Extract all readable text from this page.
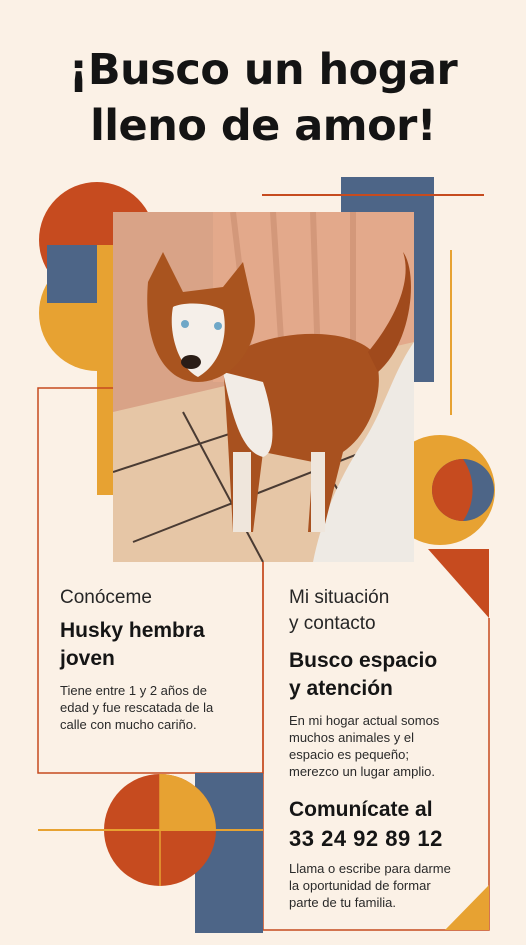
¡Busco un hogar
lleno de amor!
Conóceme
Husky hembra
joven
Tiene entre 1 y 2 años de
edad y fue rescatada de la
calle con mucho cariño.
Mi situación
y contacto
Busco espacio
y atención
En mi hogar actual somos
muchos animales y el
espacio es pequeño;
merezco un lugar amplio.
Comunícate al
33 24 92 89 12
Llama o escribe para darme
la oportunidad de formar
parte de tu familia.
